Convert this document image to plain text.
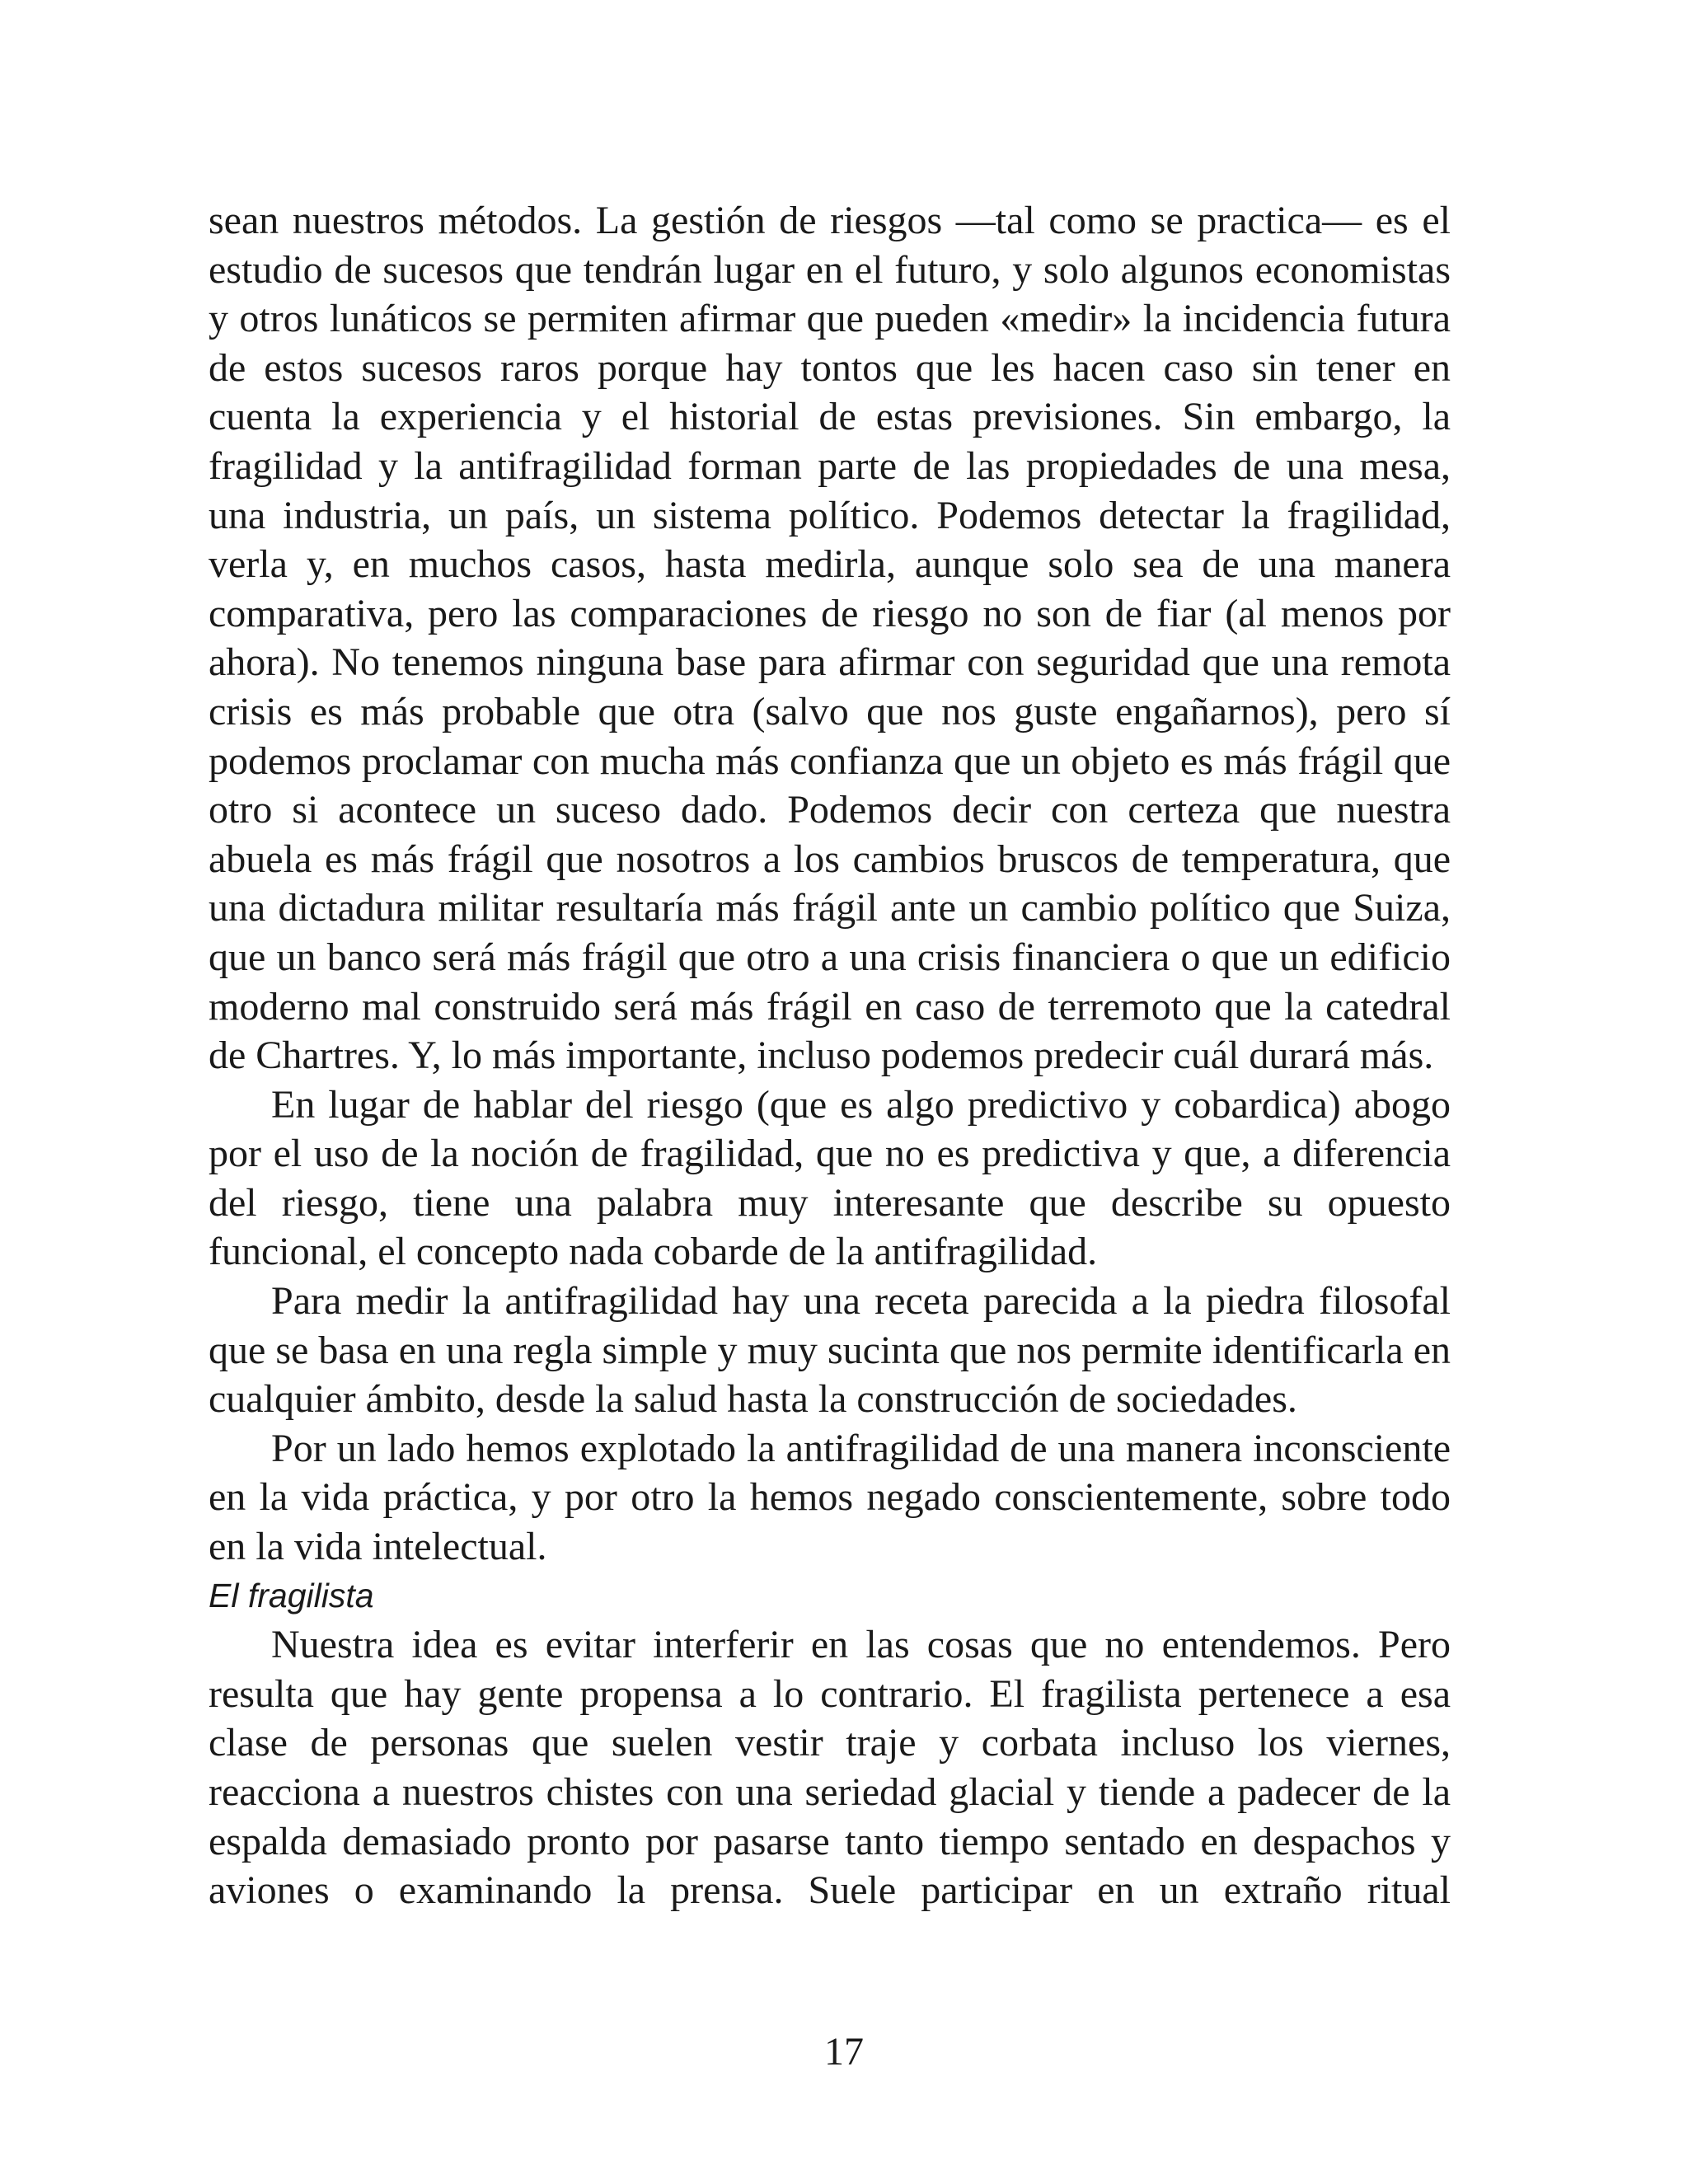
sean nuestros métodos. La gestión de riesgos —tal como se practica— es el estudio de sucesos que tendrán lugar en el futuro, y solo algunos economistas y otros lunáticos se permiten afirmar que pueden «medir» la incidencia futura de estos sucesos raros porque hay tontos que les hacen caso sin tener en cuenta la experiencia y el historial de estas previsiones. Sin embargo, la fragilidad y la antifragilidad forman parte de las propiedades de una mesa, una industria, un país, un sistema político. Podemos detectar la fragilidad, verla y, en muchos casos, hasta medirla, aunque solo sea de una manera comparativa, pero las comparaciones de riesgo no son de fiar (al menos por ahora). No tenemos ninguna base para afirmar con seguridad que una remota crisis es más probable que otra (salvo que nos guste engañarnos), pero sí podemos proclamar con mucha más confianza que un objeto es más frágil que otro si acontece un suceso dado. Podemos decir con certeza que nuestra abuela es más frágil que nosotros a los cambios bruscos de temperatura, que una dictadura militar resultaría más frágil ante un cambio político que Suiza, que un banco será más frágil que otro a una crisis financiera o que un edificio moderno mal construido será más frágil en caso de terremoto que la catedral de Chartres. Y, lo más importante, incluso podemos predecir cuál durará más.

En lugar de hablar del riesgo (que es algo predictivo y cobardica) abogo por el uso de la noción de fragilidad, que no es predictiva y que, a diferencia del riesgo, tiene una palabra muy interesante que describe su opuesto funcional, el concepto nada cobarde de la antifragilidad.

Para medir la antifragilidad hay una receta parecida a la piedra filosofal que se basa en una regla simple y muy sucinta que nos permite identificarla en cualquier ámbito, desde la salud hasta la construcción de sociedades.

Por un lado hemos explotado la antifragilidad de una manera inconsciente en la vida práctica, y por otro la hemos negado conscientemente, sobre todo en la vida intelectual.

El fragilista

Nuestra idea es evitar interferir en las cosas que no entendemos. Pero resulta que hay gente propensa a lo contrario. El fragilista pertenece a esa clase de personas que suelen vestir traje y corbata incluso los viernes, reacciona a nuestros chistes con una seriedad glacial y tiende a padecer de la espalda demasiado pronto por pasarse tanto tiempo sentado en despachos y aviones o examinando la prensa. Suele participar en un extraño ritual

17
